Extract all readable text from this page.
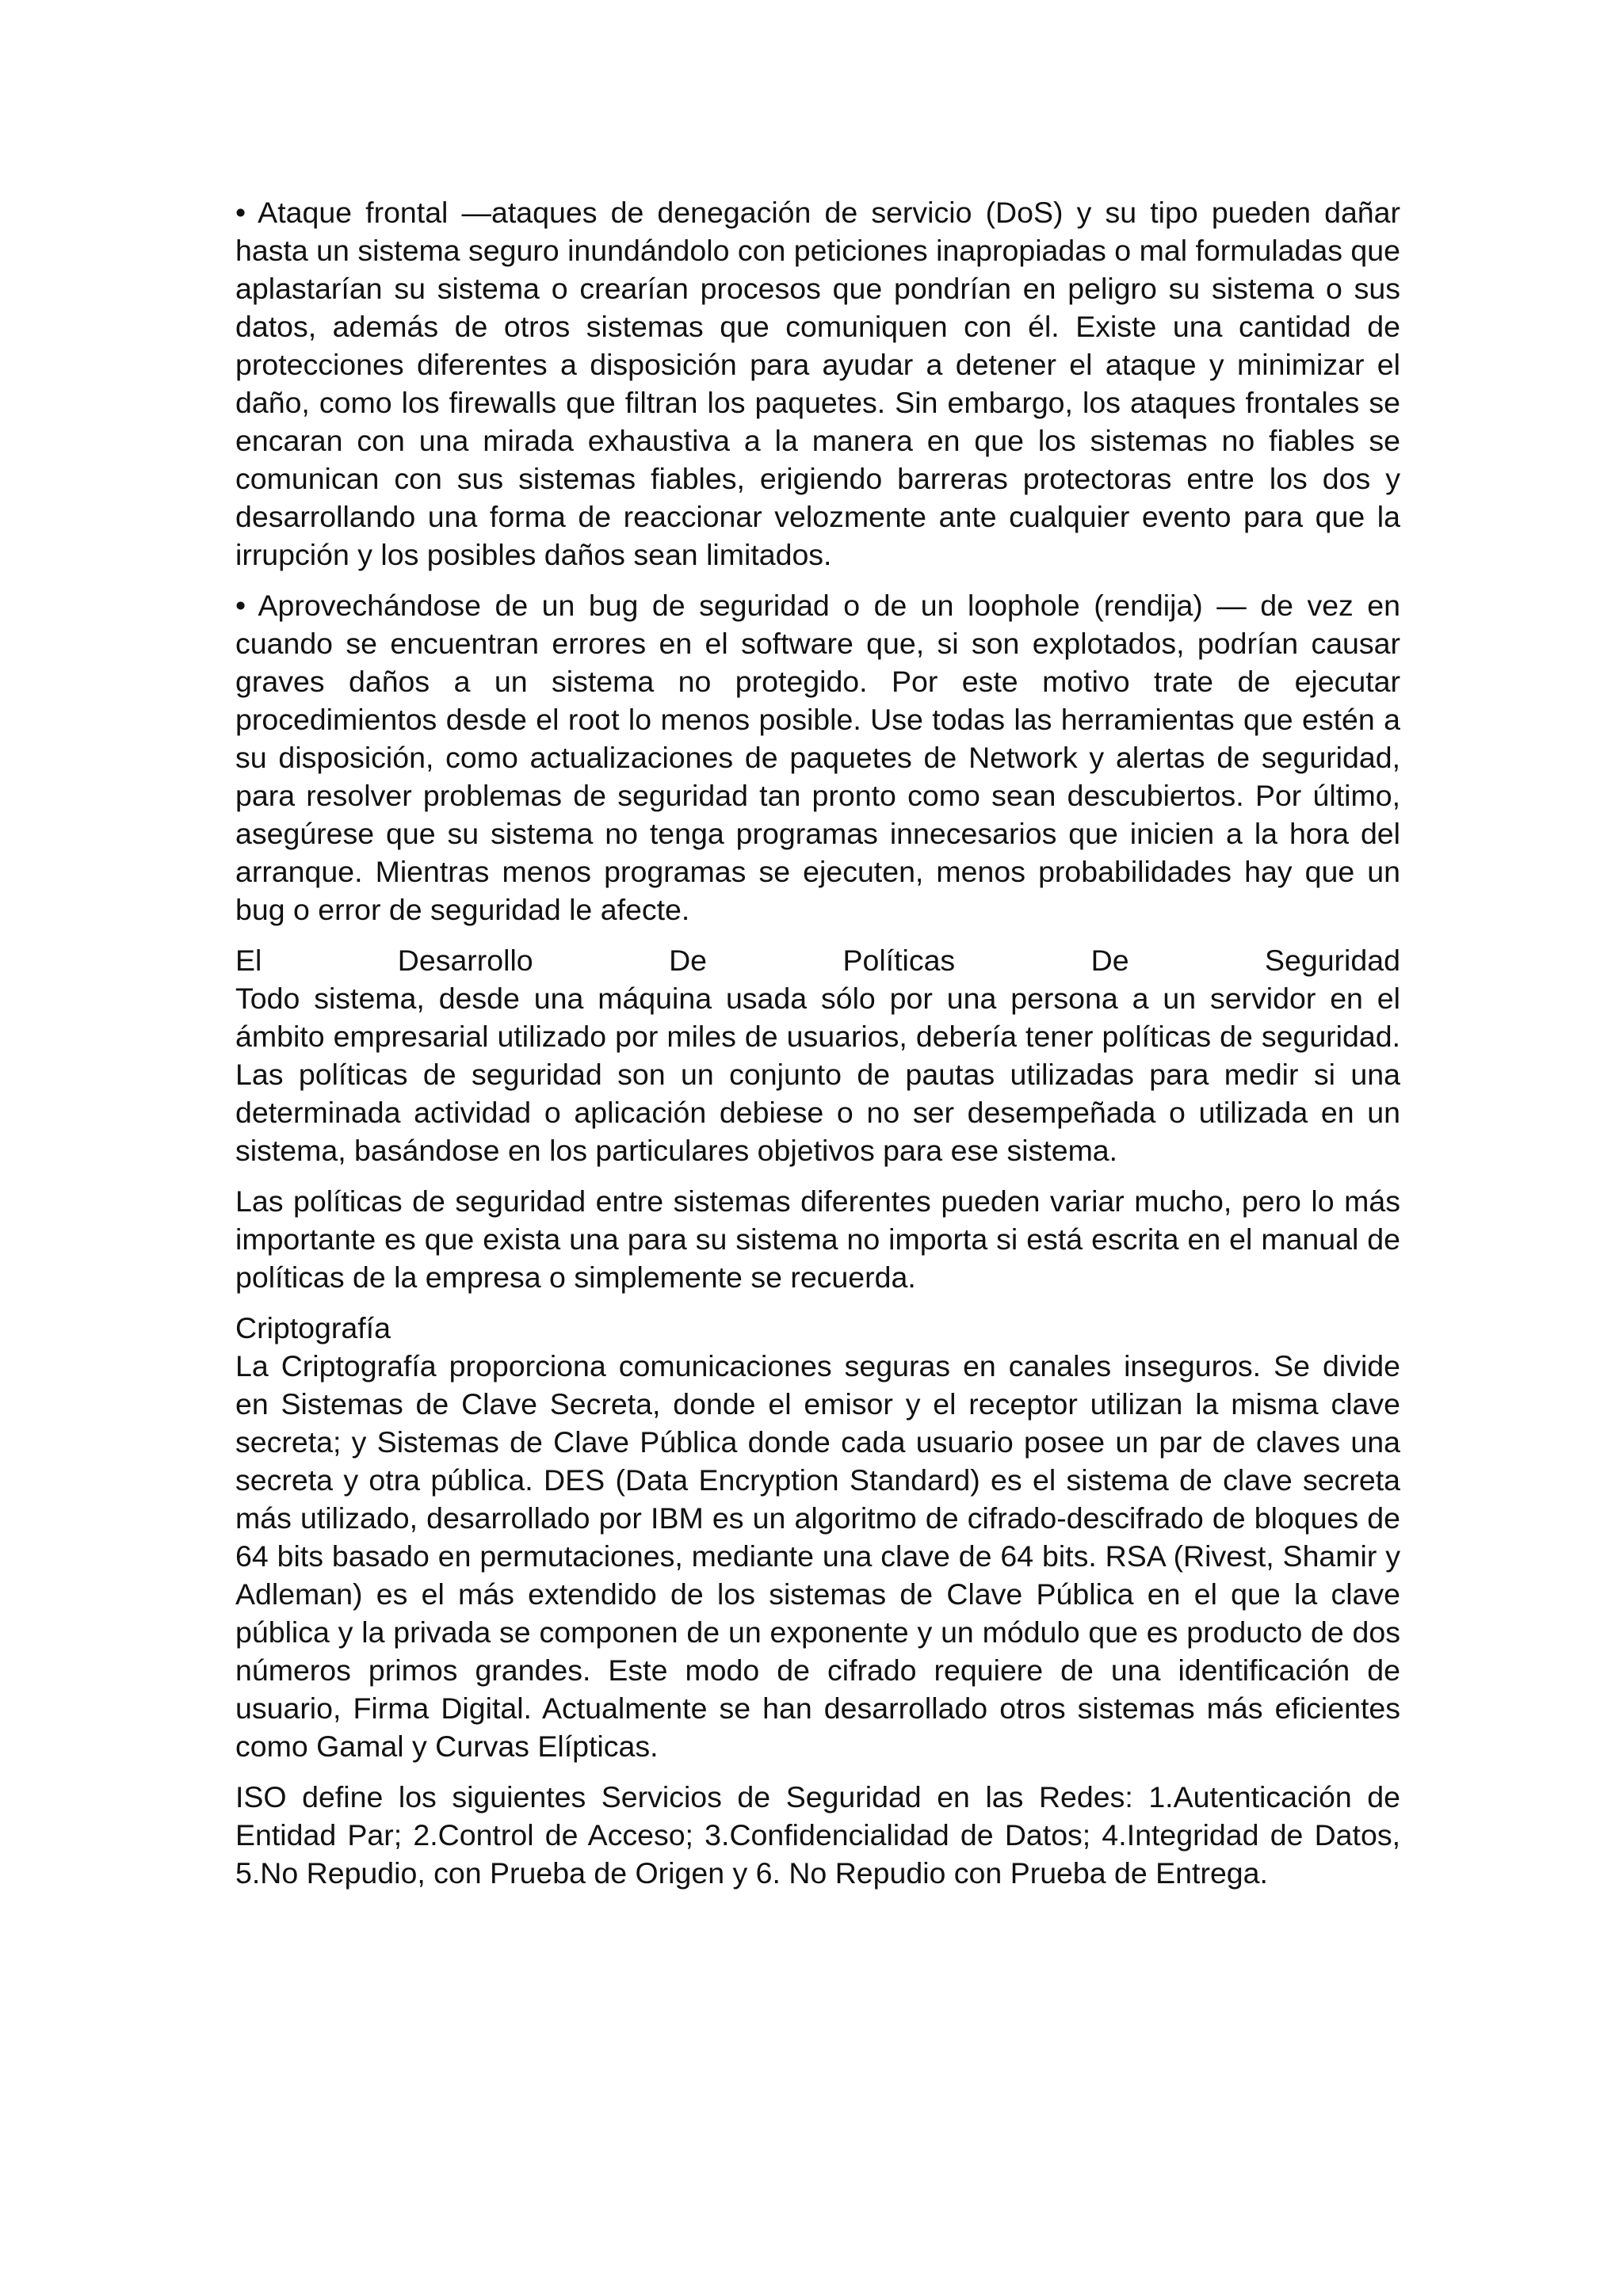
• Ataque frontal —ataques de denegación de servicio (DoS) y su tipo pueden dañar hasta un sistema seguro inundándolo con peticiones inapropiadas o mal formuladas que aplastarían su sistema o crearían procesos que pondrían en peligro su sistema o sus datos, además de otros sistemas que comuniquen con él. Existe una cantidad de protecciones diferentes a disposición para ayudar a detener el ataque y minimizar el daño, como los firewalls que filtran los paquetes. Sin embargo, los ataques frontales se encaran con una mirada exhaustiva a la manera en que los sistemas no fiables se comunican con sus sistemas fiables, erigiendo barreras protectoras entre los dos y desarrollando una forma de reaccionar velozmente ante cualquier evento para que la irrupción y los posibles daños sean limitados.

• Aprovechándose de un bug de seguridad o de un loophole (rendija) — de vez en cuando se encuentran errores en el software que, si son explotados, podrían causar graves daños a un sistema no protegido. Por este motivo trate de ejecutar procedimientos desde el root lo menos posible. Use todas las herramientas que estén a su disposición, como actualizaciones de paquetes de Network y alertas de seguridad, para resolver problemas de seguridad tan pronto como sean descubiertos. Por último, asegúrese que su sistema no tenga programas innecesarios que inicien a la hora del arranque. Mientras menos programas se ejecuten, menos probabilidades hay que un bug o error de seguridad le afecte.

El	Desarrollo	De	Políticas	De	Seguridad

Todo sistema, desde una máquina usada sólo por una persona a un servidor en el ámbito empresarial utilizado por miles de usuarios, debería tener políticas de seguridad. Las políticas de seguridad son un conjunto de pautas utilizadas para medir si una determinada actividad o aplicación debiese o no ser desempeñada o utilizada en un sistema, basándose en los particulares objetivos para ese sistema.

Las políticas de seguridad entre sistemas diferentes pueden variar mucho, pero lo más importante es que exista una para su sistema no importa si está escrita en el manual de políticas de la empresa o simplemente se recuerda.

Criptografía

La Criptografía proporciona comunicaciones seguras en canales inseguros. Se divide en Sistemas de Clave Secreta, donde el emisor y el receptor utilizan la misma clave secreta; y Sistemas de Clave Pública donde cada usuario posee un par de claves una secreta y otra pública. DES (Data Encryption Standard) es el sistema de clave secreta más utilizado, desarrollado por IBM es un algoritmo de cifrado-descifrado de bloques de 64 bits basado en permutaciones, mediante una clave de 64 bits. RSA (Rivest, Shamir y Adleman) es el más extendido de los sistemas de Clave Pública en el que la clave pública y la privada se componen de un exponente y un módulo que es producto de dos números primos grandes. Este modo de cifrado requiere de una identificación de usuario, Firma Digital. Actualmente se han desarrollado otros sistemas más eficientes como Gamal y Curvas Elípticas.

ISO define los siguientes Servicios de Seguridad en las Redes: 1.Autenticación de Entidad Par; 2.Control de Acceso; 3.Confidencialidad de Datos; 4.Integridad de Datos, 5.No Repudio, con Prueba de Origen y 6. No Repudio con Prueba de Entrega.
